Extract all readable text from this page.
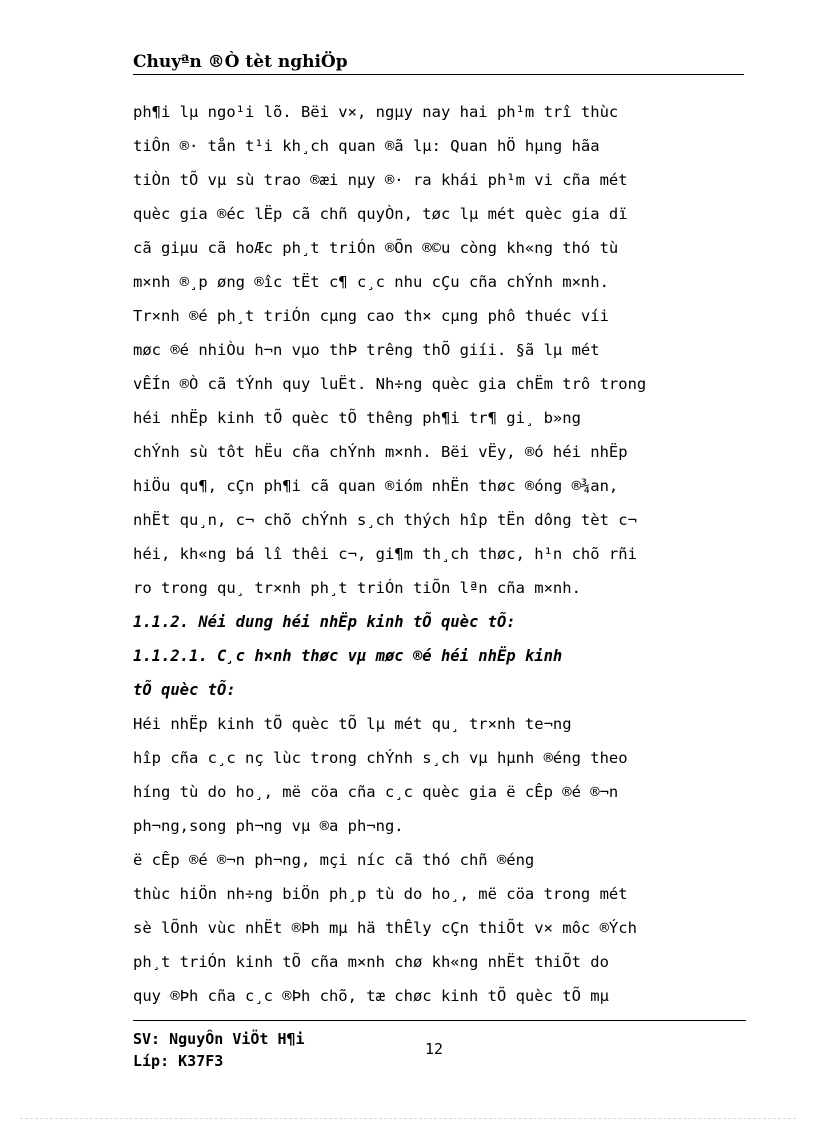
Chuyªn ®Ò tèt nghiÖp
ph¶i lµ ngo¹i lõ. Bëi v×, ngµy nay hai ph¹m trî thùc
tiÔn ®· tån t¹i kh¸ch quan ®ã lµ: Quan hÖ hµng hãa
tiÒn tÕ vµ sù trao ®æi nµy ®· ra khái ph¹m vi cña mét
quèc gia ®éc lËp cã chñ quyÒn, tøc lµ mét quèc gia dï
cã giµu cã hoÆc ph¸t triÓn ®Õn ®©u còng kh«ng thó tù
m×nh ®¸p øng ®îc tËt c¶ c¸c nhu cÇu cña chÝnh m×nh.
Tr×nh ®é ph¸t triÓn cµng cao th× cµng phô thuéc víi
møc ®é nhiÒu h¬n vµo thÞ trêng thÕ giíi. §ã lµ mét
vÊÍn ®Ò cã tÝnh quy luËt. Nh÷ng quèc gia chËm trô trong
héi nhËp kinh tÕ quèc tÕ thêng ph¶i tr¶ gi¸ b»ng
chÝnh sù tôt hËu cña chÝnh m×nh. Bëi vËy, ®ó héi nhËp
hiÖu qu¶, cÇn ph¶i cã quan ®ióm nhËn thøc ®óng ®¾an,
nhËt qu¸n, c¬ chõ chÝnh s¸ch thých hîp tËn dông tèt c¬
héi, kh«ng bá lî thêi c¬, gi¶m th¸ch thøc, h¹n chõ rñi
ro trong qu¸ tr×nh ph¸t triÓn tiÕn lªn cña m×nh.
1.1.2. Néi dung héi nhËp kinh tÕ quèc tÕ:
1.1.2.1. C¸c h×nh thøc vµ møc ®é héi nhËp kinh
tÕ quèc tÕ:
Héi nhËp kinh tÕ quèc tÕ lµ mét qu¸ tr×nh te¬ng
hîp cña c¸c nç lùc trong chÝnh s¸ch vµ hµnh ®éng theo
híng tù do ho¸, më cöa cña c¸c quèc gia ë cÊp ®é ®¬n
ph¬ng,song ph¬ng vµ ®a ph¬ng.
ë cÊp ®é ®¬n ph¬ng, mçi níc cã thó chñ ®éng
thùc hiÖn nh÷ng biÖn ph¸p tù do ho¸, më cöa trong mét
sè lÕnh vùc nhËt ®Þh mµ hä thÊly cÇn thiÕt v× môc ®Ých
ph¸t triÓn kinh tÕ cña m×nh chø kh«ng nhËt thiÕt do
quy ®Þh cña c¸c ®Þh chõ, tæ chøc kinh tÕ quèc tÕ mµ
SV: NguyÔn ViÖt H¶i
Líp: K37F3
12
